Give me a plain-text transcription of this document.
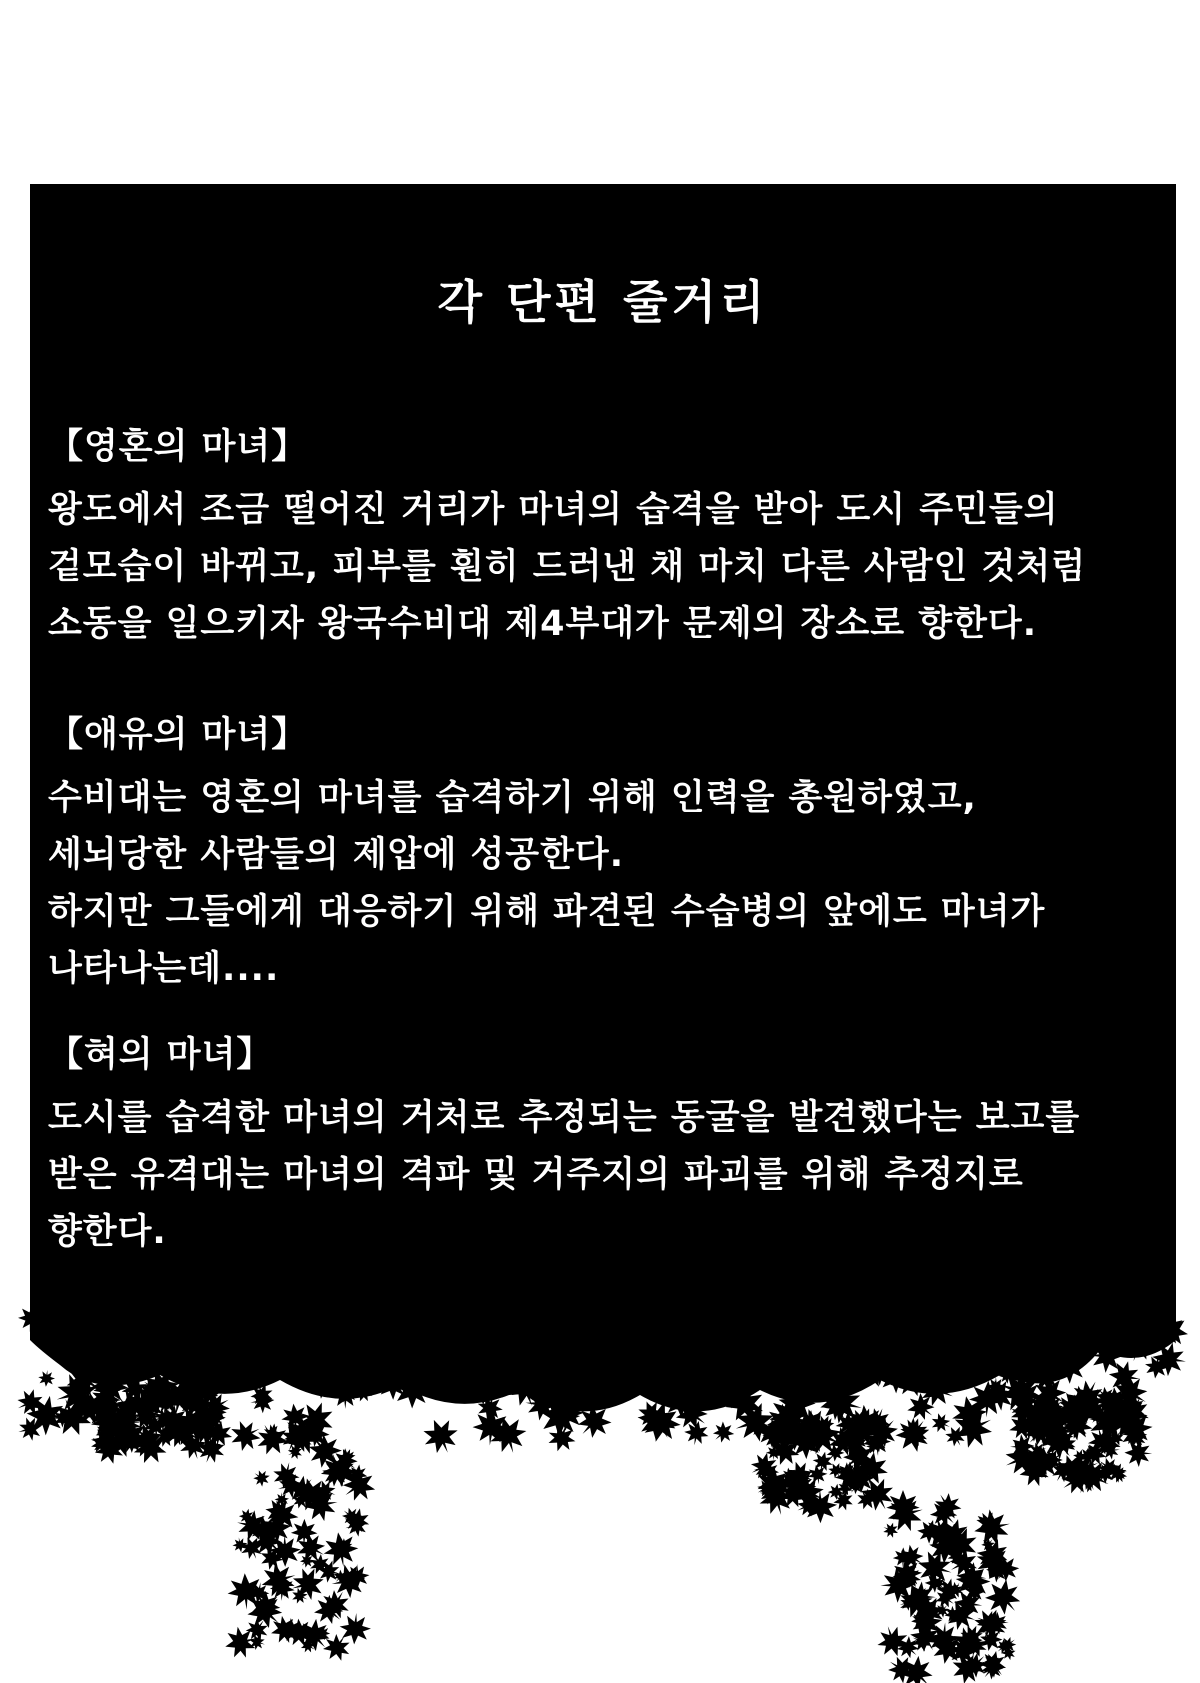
각 단편 줄거리

【영혼의 마녀】

왕도에서 조금 떨어진 거리가 마녀의 습격을 받아 도시 주민들의
겉모습이 바뀌고, 피부를 훤히 드러낸 채 마치 다른 사람인 것처럼
소동을 일으키자 왕국수비대 제4부대가 문제의 장소로 향한다.

【애유의 마녀】

수비대는 영혼의 마녀를 습격하기 위해 인력을 총원하였고,
세뇌당한 사람들의 제압에 성공한다.
하지만 그들에게 대응하기 위해 파견된 수습병의 앞에도 마녀가
나타나는데....

【혀의 마녀】

도시를 습격한 마녀의 거처로 추정되는 동굴을 발견했다는 보고를
받은 유격대는 마녀의 격파 및 거주지의 파괴를 위해 추정지로
향한다.
